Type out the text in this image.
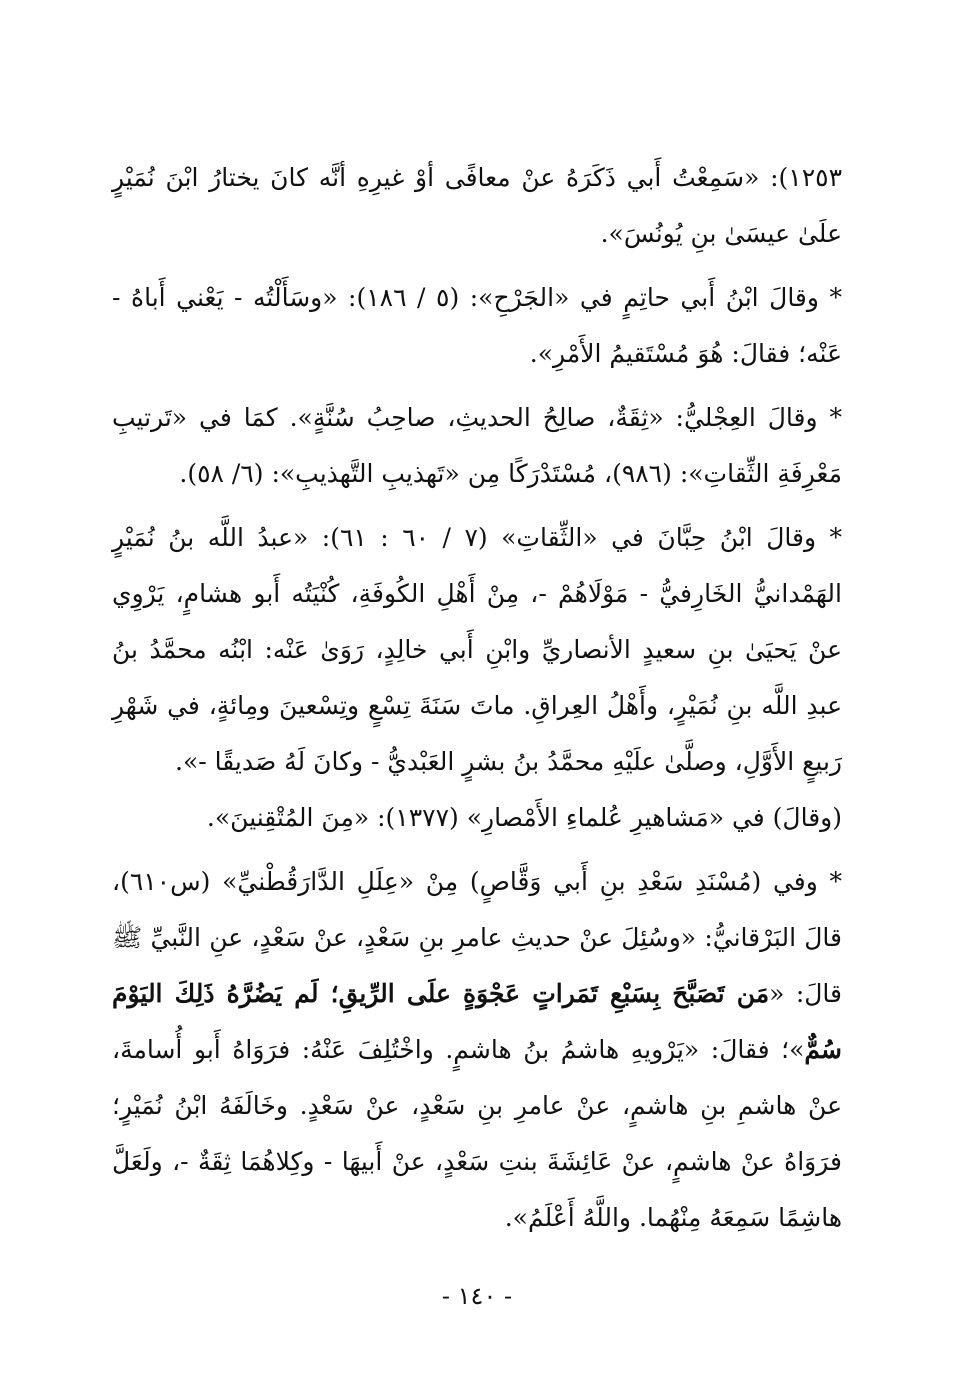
١٢٥٣): «سَمِعْتُ أَبي ذَكَرَهُ عنْ معافًى أوْ غيرِهِ أنَّه كانَ يختارُ ابْنَ نُمَيْرٍ علَىٰ عيسَىٰ بنِ يُونُسَ».

* وقالَ ابْنُ أَبي حاتِمٍ في «الجَرْحِ»: (٥ / ١٨٦): «وسَأَلْتُه - يَعْني أَباهُ - عَنْه؛ فقالَ: هُوَ مُسْتَقيمُ الأَمْرِ».

* وقالَ العِجْليُّ: «ثِقَةٌ، صالِحُ الحديثِ، صاحِبُ سُنَّةٍ». كمَا في «تَرتيبِ مَعْرِفَةِ الثِّقاتِ»: (٩٨٦)، مُسْتَدْرَكًا مِن «تَهذيبِ التَّهذيبِ»: (٦/ ٥٨).

* وقالَ ابْنُ حِبَّانَ في «الثِّقاتِ» (٧ / ٦٠ : ٦١): «عبدُ اللَّه بنُ نُمَيْرٍ الهَمْدانيُّ الخَارِفيُّ - مَوْلَاهُمْ -، مِنْ أَهْلِ الكُوفَةِ، كُنْيَتُه أَبو هشامٍ، يَرْوِي عنْ يَحيَىٰ بنِ سعيدٍ الأنصاريِّ وابْنِ أَبي خالِدٍ، رَوَىٰ عَنْه: ابْنُه محمَّدُ بنُ عبدِ اللَّه بنِ نُمَيْرٍ، وأَهْلُ العِراقِ. ماتَ سَنَةَ تِسْعٍ وتِسْعينَ ومِائةٍ، في شَهْرِ رَبيعٍ الأَوَّلِ، وصلَّىٰ علَيْهِ محمَّدُ بنُ بشرٍ العَبْديُّ - وكانَ لَهُ صَديقًا -».

(وقالَ) في «مَشاهيرِ عُلماءِ الأَمْصارِ» (١٣٧٧): «مِنَ المُتْقِنينَ».

* وفي (مُسْنَدِ سَعْدِ بنِ أَبي وَقَّاصٍ) مِنْ «عِلَلِ الدَّارَقُطْنيِّ» (س٦١٠)، قالَ البَرْقانيُّ: «وسُئِلَ عنْ حديثِ عامرِ بنِ سَعْدٍ، عنْ سَعْدٍ، عنِ النَّبيِّ ﷺ قالَ: «مَن تَصَبَّحَ بِسَبْعِ تَمَراتٍ عَجْوَةٍ علَى الرِّيقِ؛ لَم يَضُرَّهُ ذَلِكَ اليَوْمَ سُمٌّ»؛ فقالَ: «يَرْويهِ هاشمُ بنُ هاشمٍ. واخْتُلِفَ عَنْهُ: فرَوَاهُ أَبو أُسامةَ، عنْ هاشمِ بنِ هاشمٍ، عنْ عامرِ بنِ سَعْدٍ، عنْ سَعْدٍ. وخَالَفَهُ ابْنُ نُمَيْرٍ؛ فرَوَاهُ عنْ هاشمٍ، عنْ عَائِشَةَ بنتِ سَعْدٍ، عنْ أَبيهَا - وكِلاهُمَا ثِقَةٌ -، ولَعَلَّ هاشِمًا سَمِعَهُ مِنْهُما. واللَّهُ أَعْلَمُ».

- ١٤٠ -
